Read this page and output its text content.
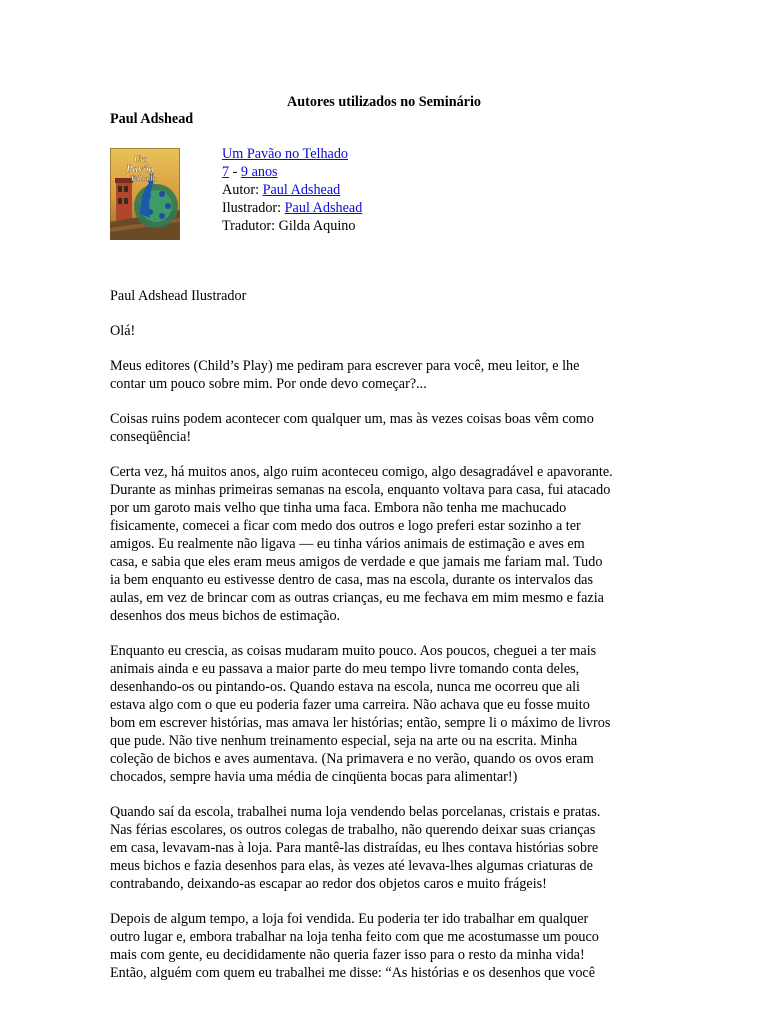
Autores utilizados no Seminário
Paul Adshead
Um
Pavão
Telhado
Um Pavão no Telhado
7 - 9 anos
Autor: Paul Adshead
Ilustrador: Paul Adshead
Tradutor: Gilda Aquino

Paul Adshead Ilustrador

Olá!

Meus editores (Child’s Play) me pediram para escrever para você, meu leitor, e lhe
contar um pouco sobre mim. Por onde devo começar?...

Coisas ruins podem acontecer com qualquer um, mas às vezes coisas boas vêm como
conseqüência!

Certa vez, há muitos anos, algo ruim aconteceu comigo, algo desagradável e apavorante.
Durante as minhas primeiras semanas na escola, enquanto voltava para casa, fui atacado
por um garoto mais velho que tinha uma faca. Embora não tenha me machucado
fisicamente, comecei a ficar com medo dos outros e logo preferi estar sozinho a ter
amigos. Eu realmente não ligava — eu tinha vários animais de estimação e aves em
casa, e sabia que eles eram meus amigos de verdade e que jamais me fariam mal. Tudo
ia bem enquanto eu estivesse dentro de casa, mas na escola, durante os intervalos das
aulas, em vez de brincar com as outras crianças, eu me fechava em mim mesmo e fazia
desenhos dos meus bichos de estimação.

Enquanto eu crescia, as coisas mudaram muito pouco. Aos poucos, cheguei a ter mais
animais ainda e eu passava a maior parte do meu tempo livre tomando conta deles,
desenhando-os ou pintando-os. Quando estava na escola, nunca me ocorreu que ali
estava algo com o que eu poderia fazer uma carreira. Não achava que eu fosse muito
bom em escrever histórias, mas amava ler histórias; então, sempre li o máximo de livros
que pude. Não tive nenhum treinamento especial, seja na arte ou na escrita. Minha
coleção de bichos e aves aumentava. (Na primavera e no verão, quando os ovos eram
chocados, sempre havia uma média de cinqüenta bocas para alimentar!)

Quando saí da escola, trabalhei numa loja vendendo belas porcelanas, cristais e pratas.
Nas férias escolares, os outros colegas de trabalho, não querendo deixar suas crianças
em casa, levavam-nas à loja. Para mantê-las distraídas, eu lhes contava histórias sobre
meus bichos e fazia desenhos para elas, às vezes até levava-lhes algumas criaturas de
contrabando, deixando-as escapar ao redor dos objetos caros e muito frágeis!

Depois de algum tempo, a loja foi vendida. Eu poderia ter ido trabalhar em qualquer
outro lugar e, embora trabalhar na loja tenha feito com que me acostumasse um pouco
mais com gente, eu decididamente não queria fazer isso para o resto da minha vida!
Então, alguém com quem eu trabalhei me disse: “As histórias e os desenhos que você
